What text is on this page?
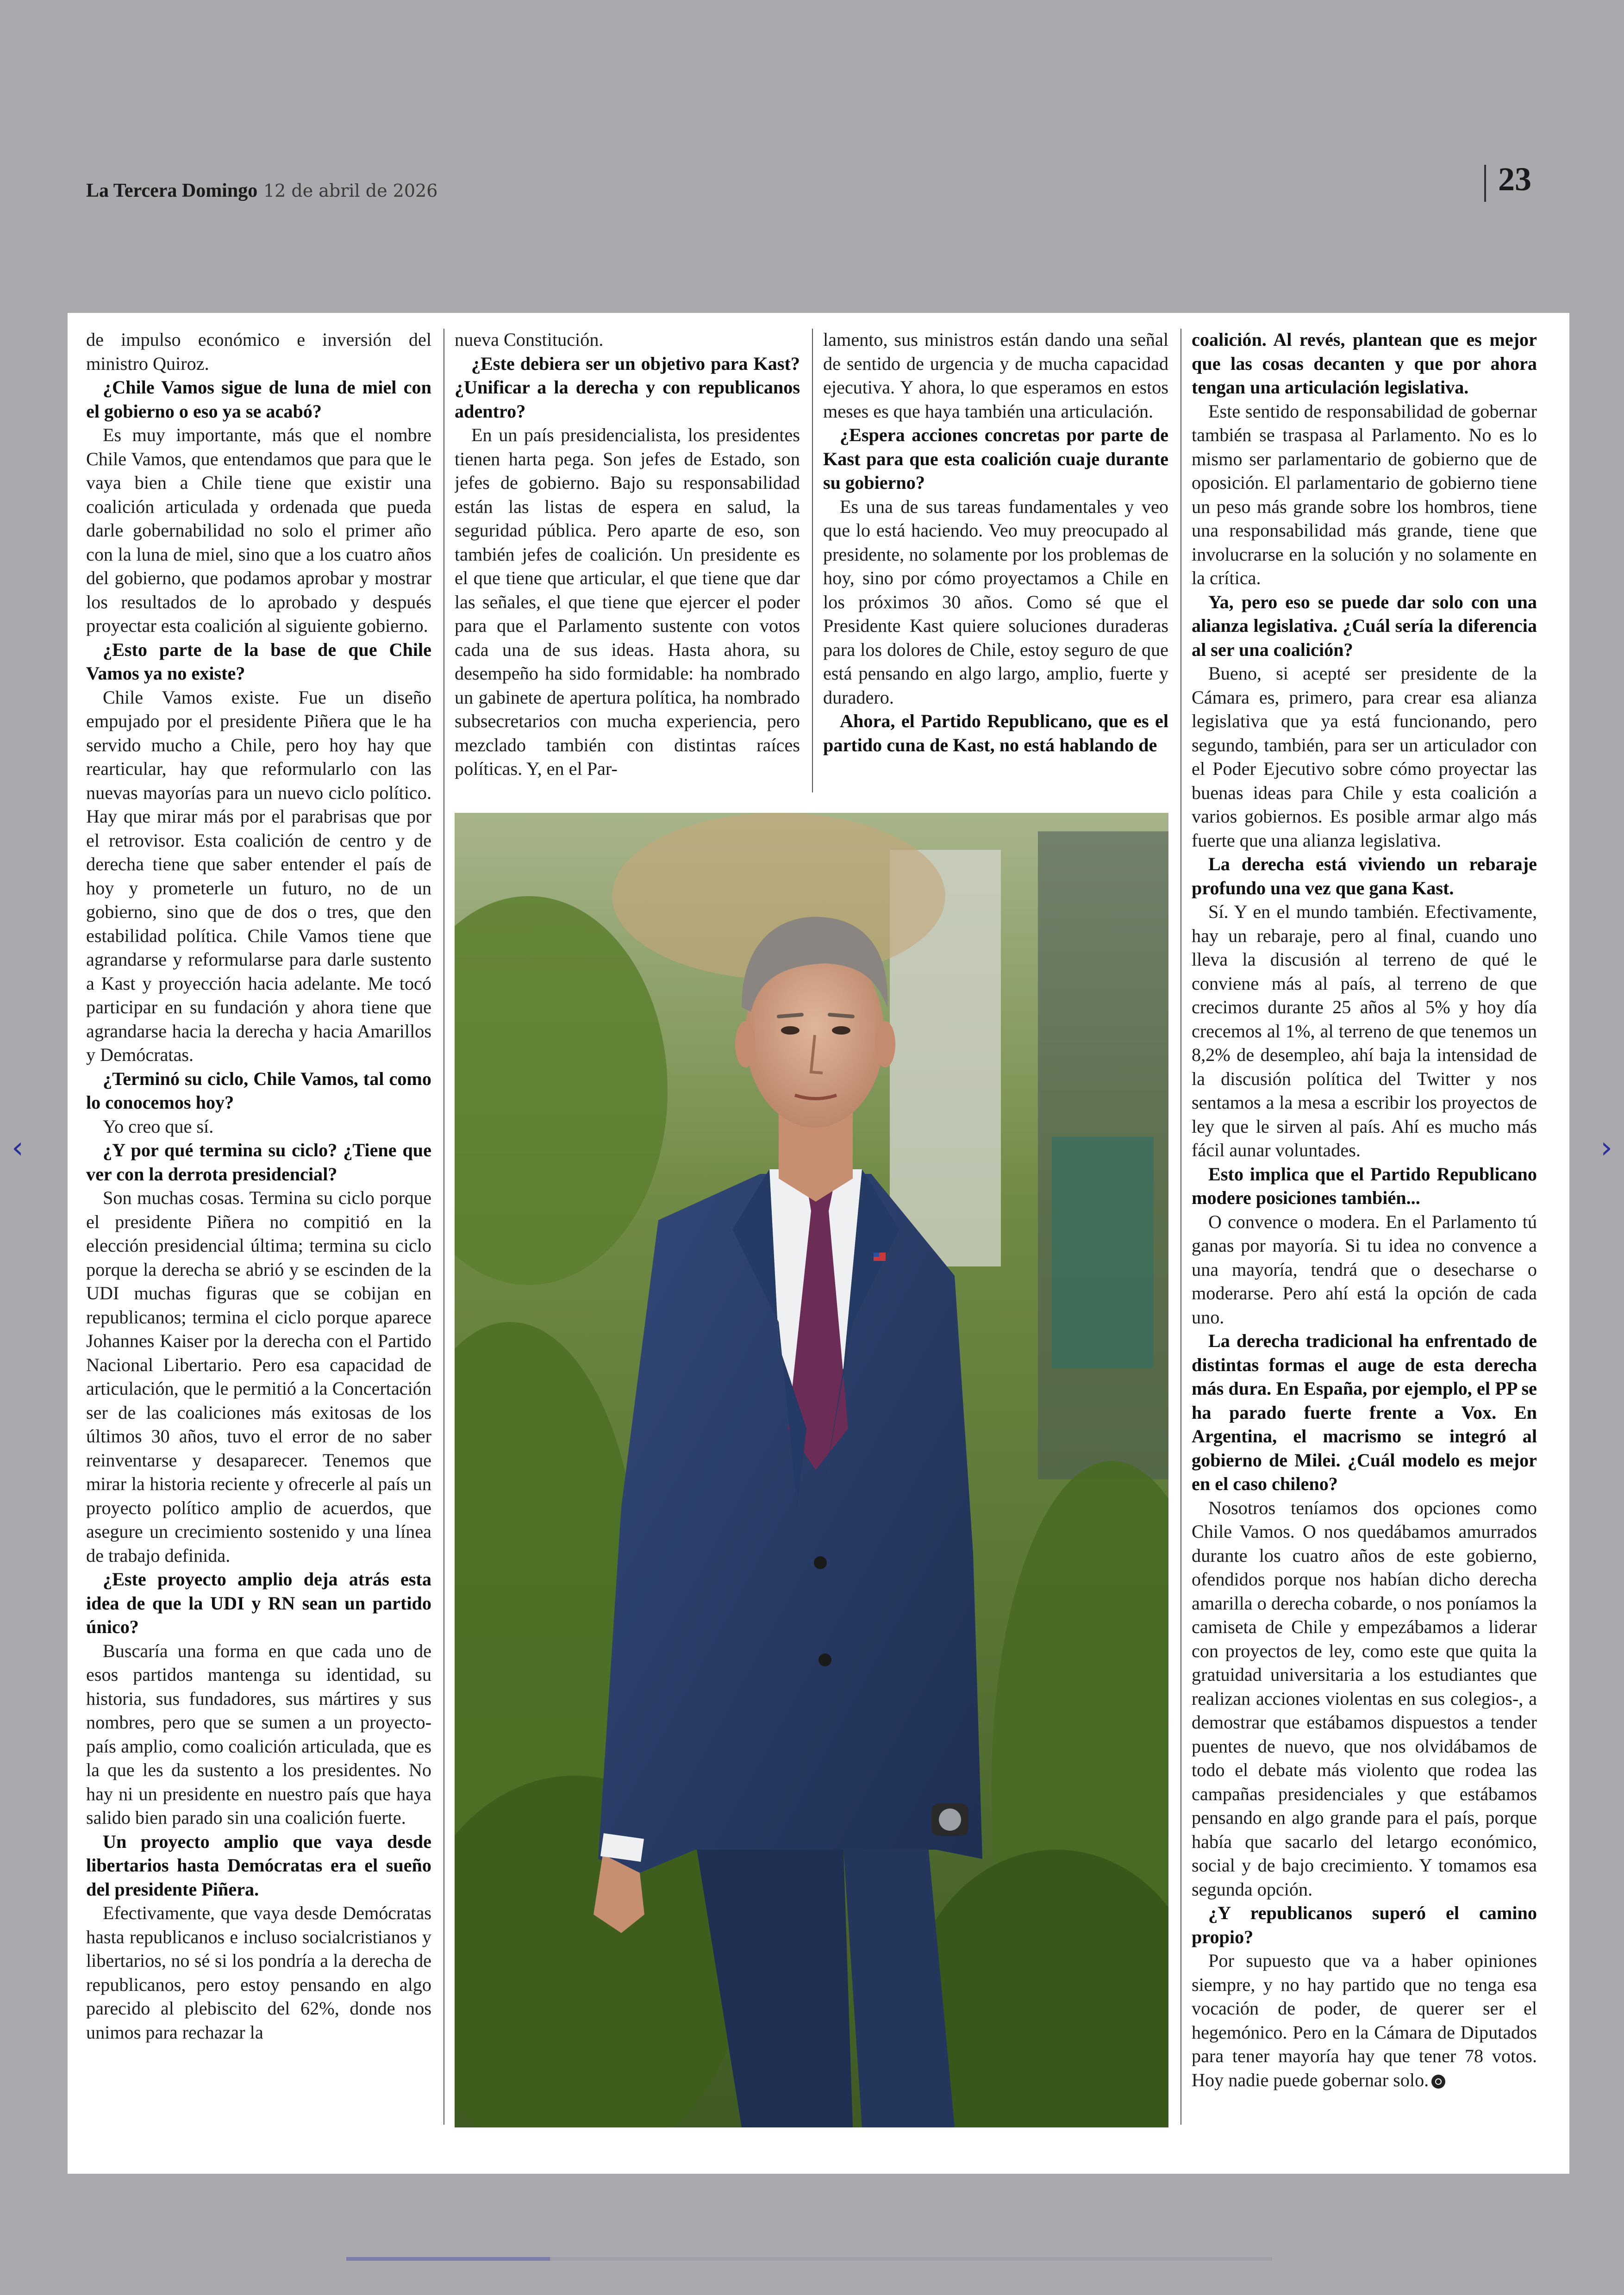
La Tercera Domingo 12 de abril de 2026	23

de impulso económico e inversión del ministro Quiroz.

¿Chile Vamos sigue de luna de miel con el gobierno o eso ya se acabó?

Es muy importante, más que el nombre Chile Vamos, que entendamos que para que le vaya bien a Chile tiene que existir una coalición articulada y ordenada que pueda darle gobernabilidad no solo el primer año con la luna de miel, sino que a los cuatro años del gobierno, que podamos aprobar y mostrar los resultados de lo aprobado y después proyectar esta coalición al siguiente gobierno.

¿Esto parte de la base de que Chile Vamos ya no existe?

Chile Vamos existe. Fue un diseño empujado por el presidente Piñera que le ha servido mucho a Chile, pero hoy hay que rearticular, hay que reformularlo con las nuevas mayorías para un nuevo ciclo político. Hay que mirar más por el parabrisas que por el retrovisor. Esta coalición de centro y de derecha tiene que saber entender el país de hoy y prometerle un futuro, no de un gobierno, sino que de dos o tres, que den estabilidad política. Chile Vamos tiene que agrandarse y reformularse para darle sustento a Kast y proyección hacia adelante. Me tocó participar en su fundación y ahora tiene que agrandarse hacia la derecha y hacia Amarillos y Demócratas.

¿Terminó su ciclo, Chile Vamos, tal como lo conocemos hoy?

Yo creo que sí.

¿Y por qué termina su ciclo? ¿Tiene que ver con la derrota presidencial?

Son muchas cosas. Termina su ciclo porque el presidente Piñera no compitió en la elección presidencial última; termina su ciclo porque la derecha se abrió y se escinden de la UDI muchas figuras que se cobijan en republicanos; termina el ciclo porque aparece Johannes Kaiser por la derecha con el Partido Nacional Libertario. Pero esa capacidad de articulación, que le permitió a la Concertación ser de las coaliciones más exitosas de los últimos 30 años, tuvo el error de no saber reinventarse y desaparecer. Tenemos que mirar la historia reciente y ofrecerle al país un proyecto político amplio de acuerdos, que asegure un crecimiento sostenido y una línea de trabajo definida.

¿Este proyecto amplio deja atrás esta idea de que la UDI y RN sean un partido único?

Buscaría una forma en que cada uno de esos partidos mantenga su identidad, su historia, sus fundadores, sus mártires y sus nombres, pero que se sumen a un proyecto-país amplio, como coalición articulada, que es la que les da sustento a los presidentes. No hay ni un presidente en nuestro país que haya salido bien parado sin una coalición fuerte.

Un proyecto amplio que vaya desde libertarios hasta Demócratas era el sueño del presidente Piñera.

Efectivamente, que vaya desde Demócratas hasta republicanos e incluso socialcristianos y libertarios, no sé si los pondría a la derecha de republicanos, pero estoy pensando en algo parecido al plebiscito del 62%, donde nos unimos para rechazar la

nueva Constitución.

¿Este debiera ser un objetivo para Kast? ¿Unificar a la derecha y con republicanos adentro?

En un país presidencialista, los presidentes tienen harta pega. Son jefes de Estado, son jefes de gobierno. Bajo su responsabilidad están las listas de espera en salud, la seguridad pública. Pero aparte de eso, son también jefes de coalición. Un presidente es el que tiene que articular, el que tiene que dar las señales, el que tiene que ejercer el poder para que el Parlamento sustente con votos cada una de sus ideas. Hasta ahora, su desempeño ha sido formidable: ha nombrado un gabinete de apertura política, ha nombrado subsecretarios con mucha experiencia, pero mezclado también con distintas raíces políticas. Y, en el Par-

lamento, sus ministros están dando una señal de sentido de urgencia y de mucha capacidad ejecutiva. Y ahora, lo que esperamos en estos meses es que haya también una articulación.

¿Espera acciones concretas por parte de Kast para que esta coalición cuaje durante su gobierno?

Es una de sus tareas fundamentales y veo que lo está haciendo. Veo muy preocupado al presidente, no solamente por los problemas de hoy, sino por cómo proyectamos a Chile en los próximos 30 años. Como sé que el Presidente Kast quiere soluciones duraderas para los dolores de Chile, estoy seguro de que está pensando en algo largo, amplio, fuerte y duradero.

Ahora, el Partido Republicano, que es el partido cuna de Kast, no está hablando de

coalición. Al revés, plantean que es mejor que las cosas decanten y que por ahora tengan una articulación legislativa.

Este sentido de responsabilidad de gobernar también se traspasa al Parlamento. No es lo mismo ser parlamentario de gobierno que de oposición. El parlamentario de gobierno tiene un peso más grande sobre los hombros, tiene una responsabilidad más grande, tiene que involucrarse en la solución y no solamente en la crítica.

Ya, pero eso se puede dar solo con una alianza legislativa. ¿Cuál sería la diferencia al ser una coalición?

Bueno, si acepté ser presidente de la Cámara es, primero, para crear esa alianza legislativa que ya está funcionando, pero segundo, también, para ser un articulador con el Poder Ejecutivo sobre cómo proyectar las buenas ideas para Chile y esta coalición a varios gobiernos. Es posible armar algo más fuerte que una alianza legislativa.

La derecha está viviendo un rebaraje profundo una vez que gana Kast.

Sí. Y en el mundo también. Efectivamente, hay un rebaraje, pero al final, cuando uno lleva la discusión al terreno de qué le conviene más al país, al terreno de que crecimos durante 25 años al 5% y hoy día crecemos al 1%, al terreno de que tenemos un 8,2% de desempleo, ahí baja la intensidad de la discusión política del Twitter y nos sentamos a la mesa a escribir los proyectos de ley que le sirven al país. Ahí es mucho más fácil aunar voluntades.

Esto implica que el Partido Republicano modere posiciones también...

O convence o modera. En el Parlamento tú ganas por mayoría. Si tu idea no convence a una mayoría, tendrá que o desecharse o moderarse. Pero ahí está la opción de cada uno.

La derecha tradicional ha enfrentado de distintas formas el auge de esta derecha más dura. En España, por ejemplo, el PP se ha parado fuerte frente a Vox. En Argentina, el macrismo se integró al gobierno de Milei. ¿Cuál modelo es mejor en el caso chileno?

Nosotros teníamos dos opciones como Chile Vamos. O nos quedábamos amurrados durante los cuatro años de este gobierno, ofendidos porque nos habían dicho derecha amarilla o derecha cobarde, o nos poníamos la camiseta de Chile y empezábamos a liderar con proyectos de ley, como este que quita la gratuidad universitaria a los estudiantes que realizan acciones violentas en sus colegios-, a demostrar que estábamos dispuestos a tender puentes de nuevo, que nos olvidábamos de todo el debate más violento que rodea las campañas presidenciales y que estábamos pensando en algo grande para el país, porque había que sacarlo del letargo económico, social y de bajo crecimiento. Y tomamos esa segunda opción.

¿Y republicanos superó el camino propio?

Por supuesto que va a haber opiniones siempre, y no hay partido que no tenga esa vocación de poder, de querer ser el hegemónico. Pero en la Cámara de Diputados para tener mayoría hay que tener 78 votos. Hoy nadie puede gobernar solo.

‹	›
